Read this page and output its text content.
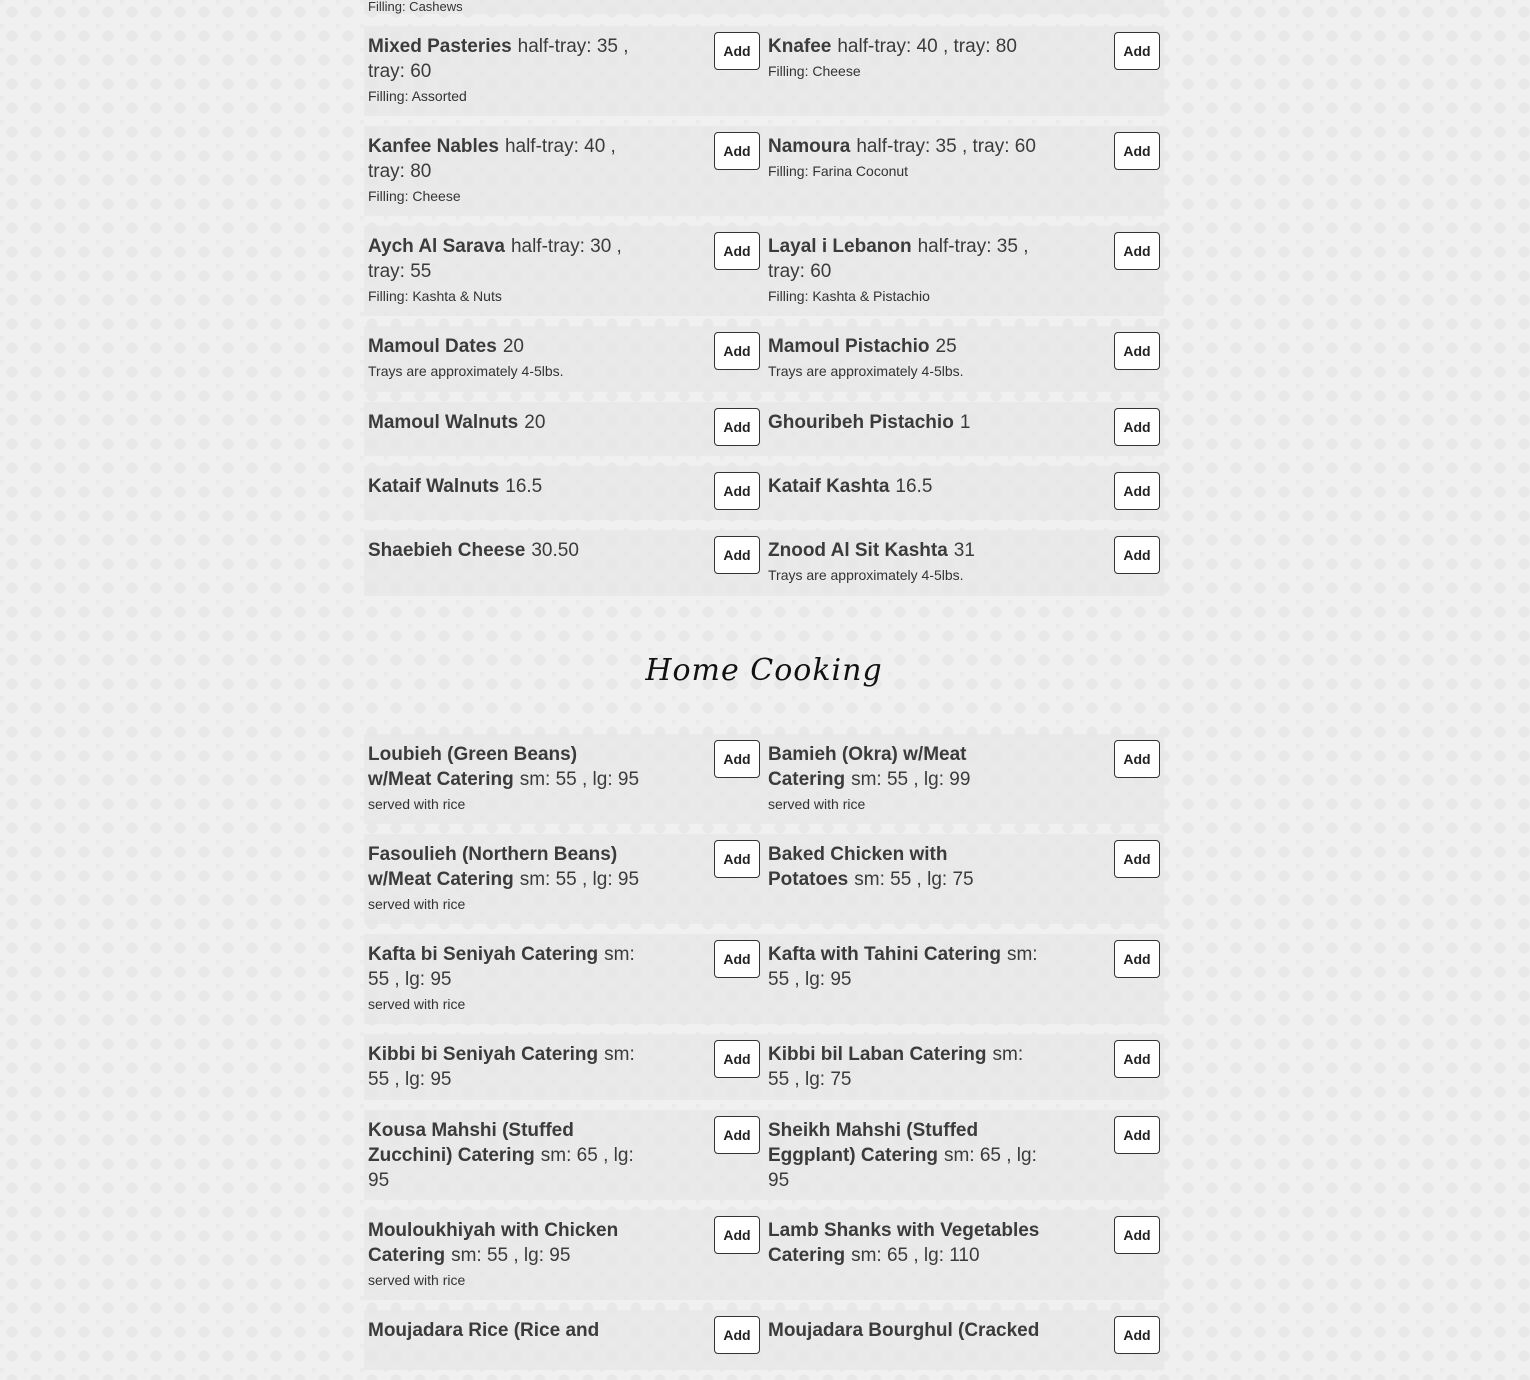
Filling: Cashews
Mixed Pasteries half-tray: 35 , tray: 60
Filling: Assorted
Add Knafee half-tray: 40 , tray: 80
Filling: Cheese
Add
Kanfee Nables half-tray: 40 , tray: 80
Filling: Cheese
Add Namoura half-tray: 35 , tray: 60
Filling: Farina Coconut
Add
Aych Al Sarava half-tray: 30 , tray: 55
Filling: Kashta & Nuts
Add Layal i Lebanon half-tray: 35 , tray: 60
Filling: Kashta & Pistachio
Add
Mamoul Dates 20
Trays are approximately 4-5lbs.
Add Mamoul Pistachio 25
Trays are approximately 4-5lbs.
Add
Mamoul Walnuts 20	Add Ghouribeh Pistachio 1	Add
Kataif Walnuts 16.5	Add Kataif Kashta 16.5	Add
Shaebieh Cheese 30.50	Add Znood Al Sit Kashta 31
Trays are approximately 4-5lbs.
Add
Home Cooking
Loubieh (Green Beans) w/Meat Catering sm: 55 , lg: 95
served with rice
Add Bamieh (Okra) w/Meat Catering sm: 55 , lg: 99
served with rice
Add
Fasoulieh (Northern Beans) w/Meat Catering sm: 55 , lg: 95
served with rice
Add Baked Chicken with Potatoes sm: 55 , lg: 75
Add
Kafta bi Seniyah Catering sm: 55 , lg: 95
served with rice
Add Kafta with Tahini Catering sm: 55 , lg: 95
Add
Kibbi bi Seniyah Catering sm: 55 , lg: 95
Add Kibbi bil Laban Catering sm: 55 , lg: 75
Add
Kousa Mahshi (Stuffed Zucchini) Catering sm: 65 , lg: 95
Add Sheikh Mahshi (Stuffed Eggplant) Catering sm: 65 , lg: 95
Add
Mouloukhiyah with Chicken Catering sm: 55 , lg: 95
served with rice
Add Lamb Shanks with Vegetables Catering sm: 65 , lg: 110
Add
Moujadara Rice (Rice and	Add Moujadara Bourghul (Cracked	Add
